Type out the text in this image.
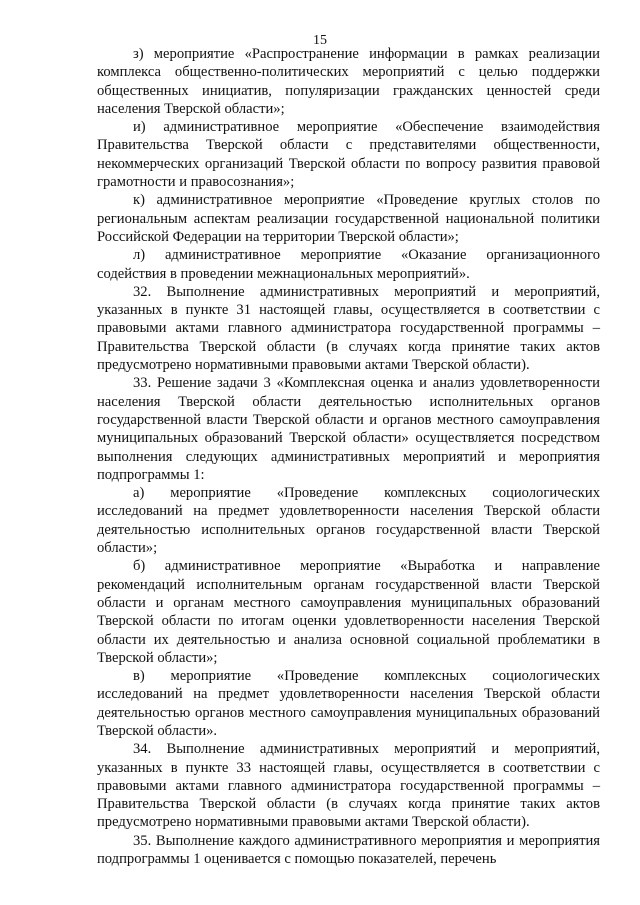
15

з) мероприятие «Распространение информации в рамках реализации комплекса общественно-политических мероприятий с целью поддержки общественных инициатив, популяризации гражданских ценностей среди населения Тверской области»;

и) административное мероприятие «Обеспечение взаимодействия Правительства Тверской области с представителями общественности, некоммерческих организаций Тверской области по вопросу развития правовой грамотности и правосознания»;

к) административное мероприятие «Проведение круглых столов по региональным аспектам реализации государственной национальной политики Российской Федерации на территории Тверской области»;

л) административное мероприятие «Оказание организационного содействия в проведении межнациональных мероприятий».

32. Выполнение административных мероприятий и мероприятий, указанных в пункте 31 настоящей главы, осуществляется в соответствии с правовыми актами главного администратора государственной программы – Правительства Тверской области (в случаях когда принятие таких актов предусмотрено нормативными правовыми актами Тверской области).

33. Решение задачи 3 «Комплексная оценка и анализ удовлетворенности населения Тверской области деятельностью исполнительных органов государственной власти Тверской области и органов местного самоуправления муниципальных образований Тверской области» осуществляется посредством выполнения следующих административных мероприятий и мероприятия подпрограммы 1:

а) мероприятие «Проведение комплексных социологических исследований на предмет удовлетворенности населения Тверской области деятельностью исполнительных органов государственной власти Тверской области»;

б) административное мероприятие «Выработка и направление рекомендаций исполнительным органам государственной власти Тверской области и органам местного самоуправления муниципальных образований Тверской области по итогам оценки удовлетворенности населения Тверской области их деятельностью и анализа основной социальной проблематики в Тверской области»;

в) мероприятие «Проведение комплексных социологических исследований на предмет удовлетворенности населения Тверской области деятельностью органов местного самоуправления муниципальных образований Тверской области».

34. Выполнение административных мероприятий и мероприятий, указанных в пункте 33 настоящей главы, осуществляется в соответствии с правовыми актами главного администратора государственной программы – Правительства Тверской области (в случаях когда принятие таких актов предусмотрено нормативными правовыми актами Тверской области).

35. Выполнение каждого административного мероприятия и мероприятия подпрограммы 1 оценивается с помощью показателей, перечень
